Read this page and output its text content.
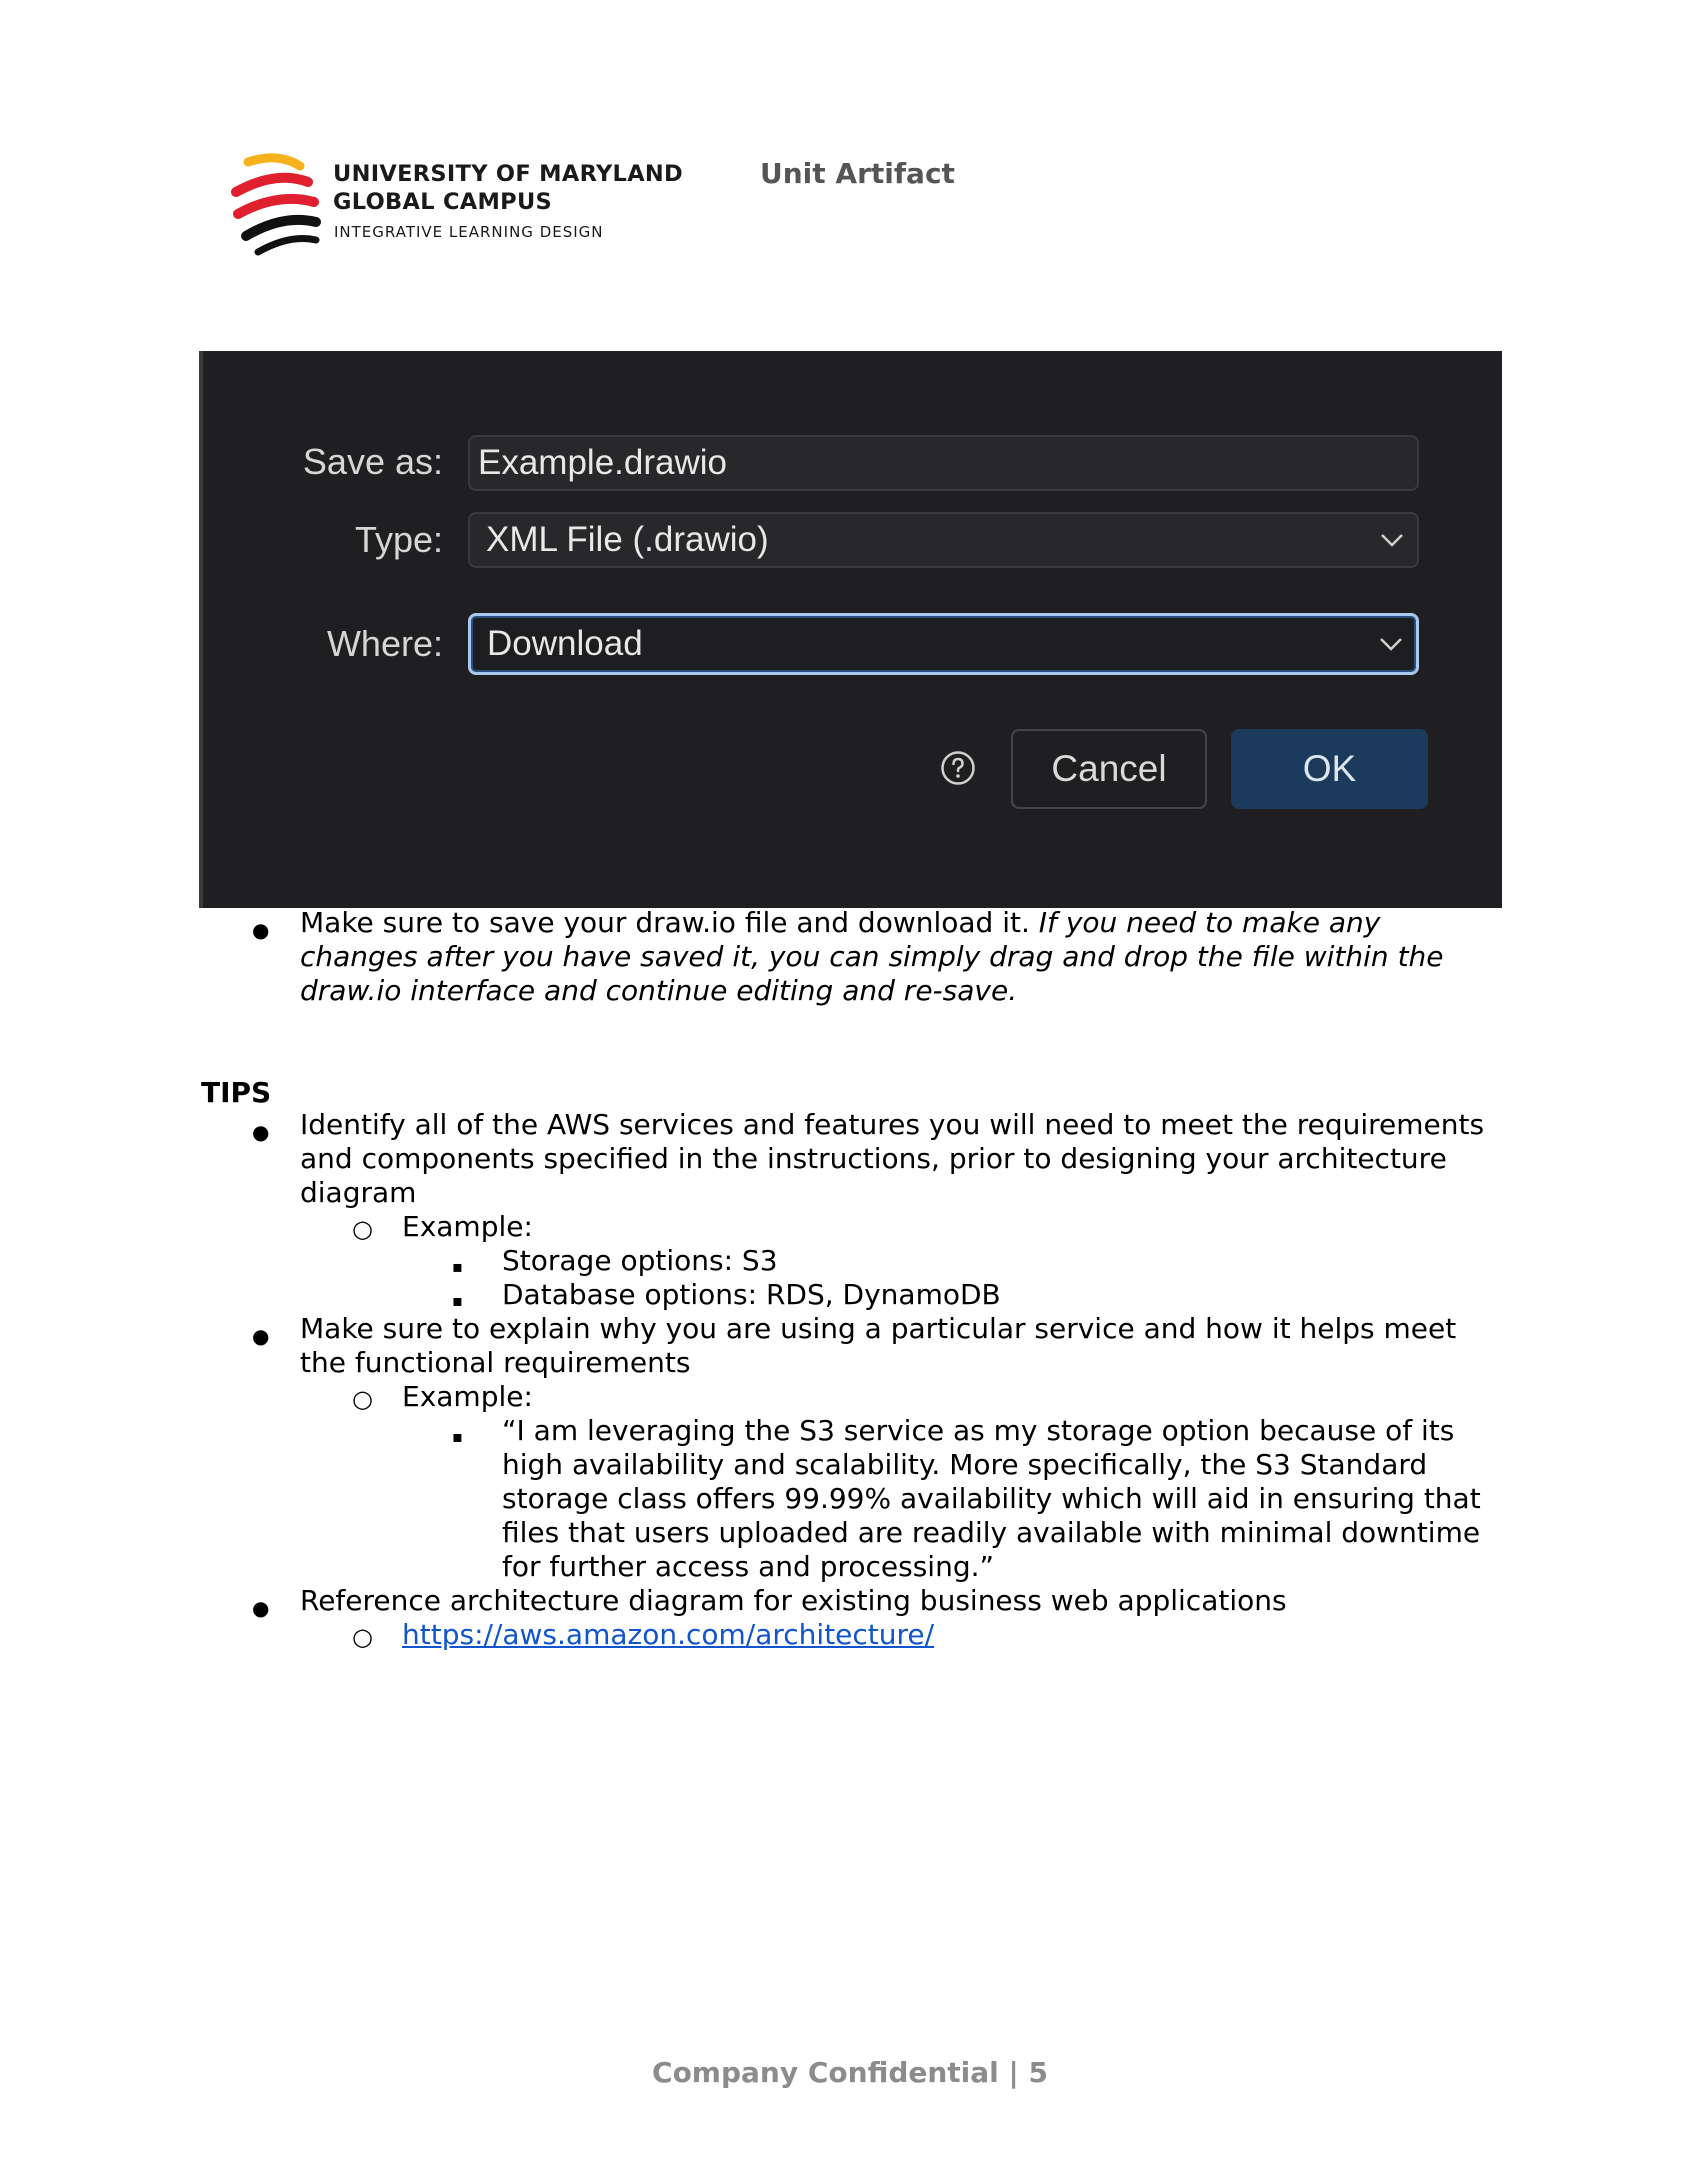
UNIVERSITY OF MARYLAND
GLOBAL CAMPUS
INTEGRATIVE LEARNING DESIGN
Unit Artifact
Save as: Example.drawio
Type: XML File (.drawio)
Where: Download
Cancel	OK
● Make sure to save your draw.io file and download it. If you need to make any
changes after you have saved it, you can simply drag and drop the file within the
draw.io interface and continue editing and re-save.
TIPS
● Identify all of the AWS services and features you will need to meet the requirements
and components specified in the instructions, prior to designing your architecture
diagram
○ Example:
▪ Storage options: S3
▪ Database options: RDS, DynamoDB
● Make sure to explain why you are using a particular service and how it helps meet
the functional requirements
○ Example:
▪ “I am leveraging the S3 service as my storage option because of its
high availability and scalability. More specifically, the S3 Standard
storage class offers 99.99% availability which will aid in ensuring that
files that users uploaded are readily available with minimal downtime
for further access and processing.”
● Reference architecture diagram for existing business web applications
○ https://aws.amazon.com/architecture/
Company Confidential | 5
